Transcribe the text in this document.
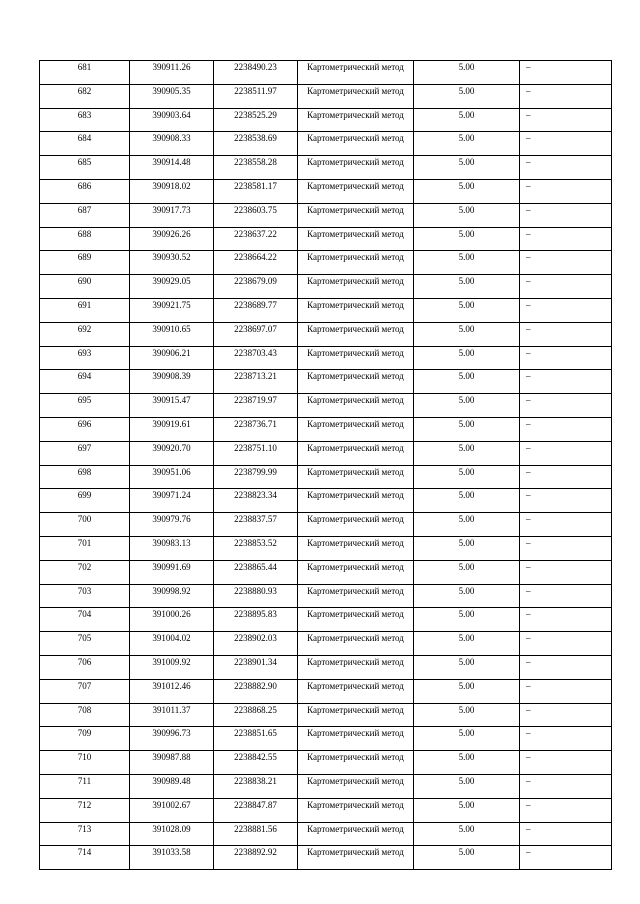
681	390911.26	2238490.23	Картометрический метод	5.00	–
682	390905.35	2238511.97	Картометрический метод	5.00	–
683	390903.64	2238525.29	Картометрический метод	5.00	–
684	390908.33	2238538.69	Картометрический метод	5.00	–
685	390914.48	2238558.28	Картометрический метод	5.00	–
686	390918.02	2238581.17	Картометрический метод	5.00	–
687	390917.73	2238603.75	Картометрический метод	5.00	–
688	390926.26	2238637.22	Картометрический метод	5.00	–
689	390930.52	2238664.22	Картометрический метод	5.00	–
690	390929.05	2238679.09	Картометрический метод	5.00	–
691	390921.75	2238689.77	Картометрический метод	5.00	–
692	390910.65	2238697.07	Картометрический метод	5.00	–
693	390906.21	2238703.43	Картометрический метод	5.00	–
694	390908.39	2238713.21	Картометрический метод	5.00	–
695	390915.47	2238719.97	Картометрический метод	5.00	–
696	390919.61	2238736.71	Картометрический метод	5.00	–
697	390920.70	2238751.10	Картометрический метод	5.00	–
698	390951.06	2238799.99	Картометрический метод	5.00	–
699	390971.24	2238823.34	Картометрический метод	5.00	–
700	390979.76	2238837.57	Картометрический метод	5.00	–
701	390983.13	2238853.52	Картометрический метод	5.00	–
702	390991.69	2238865.44	Картометрический метод	5.00	–
703	390998.92	2238880.93	Картометрический метод	5.00	–
704	391000.26	2238895.83	Картометрический метод	5.00	–
705	391004.02	2238902.03	Картометрический метод	5.00	–
706	391009.92	2238901.34	Картометрический метод	5.00	–
707	391012.46	2238882.90	Картометрический метод	5.00	–
708	391011.37	2238868.25	Картометрический метод	5.00	–
709	390996.73	2238851.65	Картометрический метод	5.00	–
710	390987.88	2238842.55	Картометрический метод	5.00	–
711	390989.48	2238838.21	Картометрический метод	5.00	–
712	391002.67	2238847.87	Картометрический метод	5.00	–
713	391028.09	2238881.56	Картометрический метод	5.00	–
714	391033.58	2238892.92	Картометрический метод	5.00	–
